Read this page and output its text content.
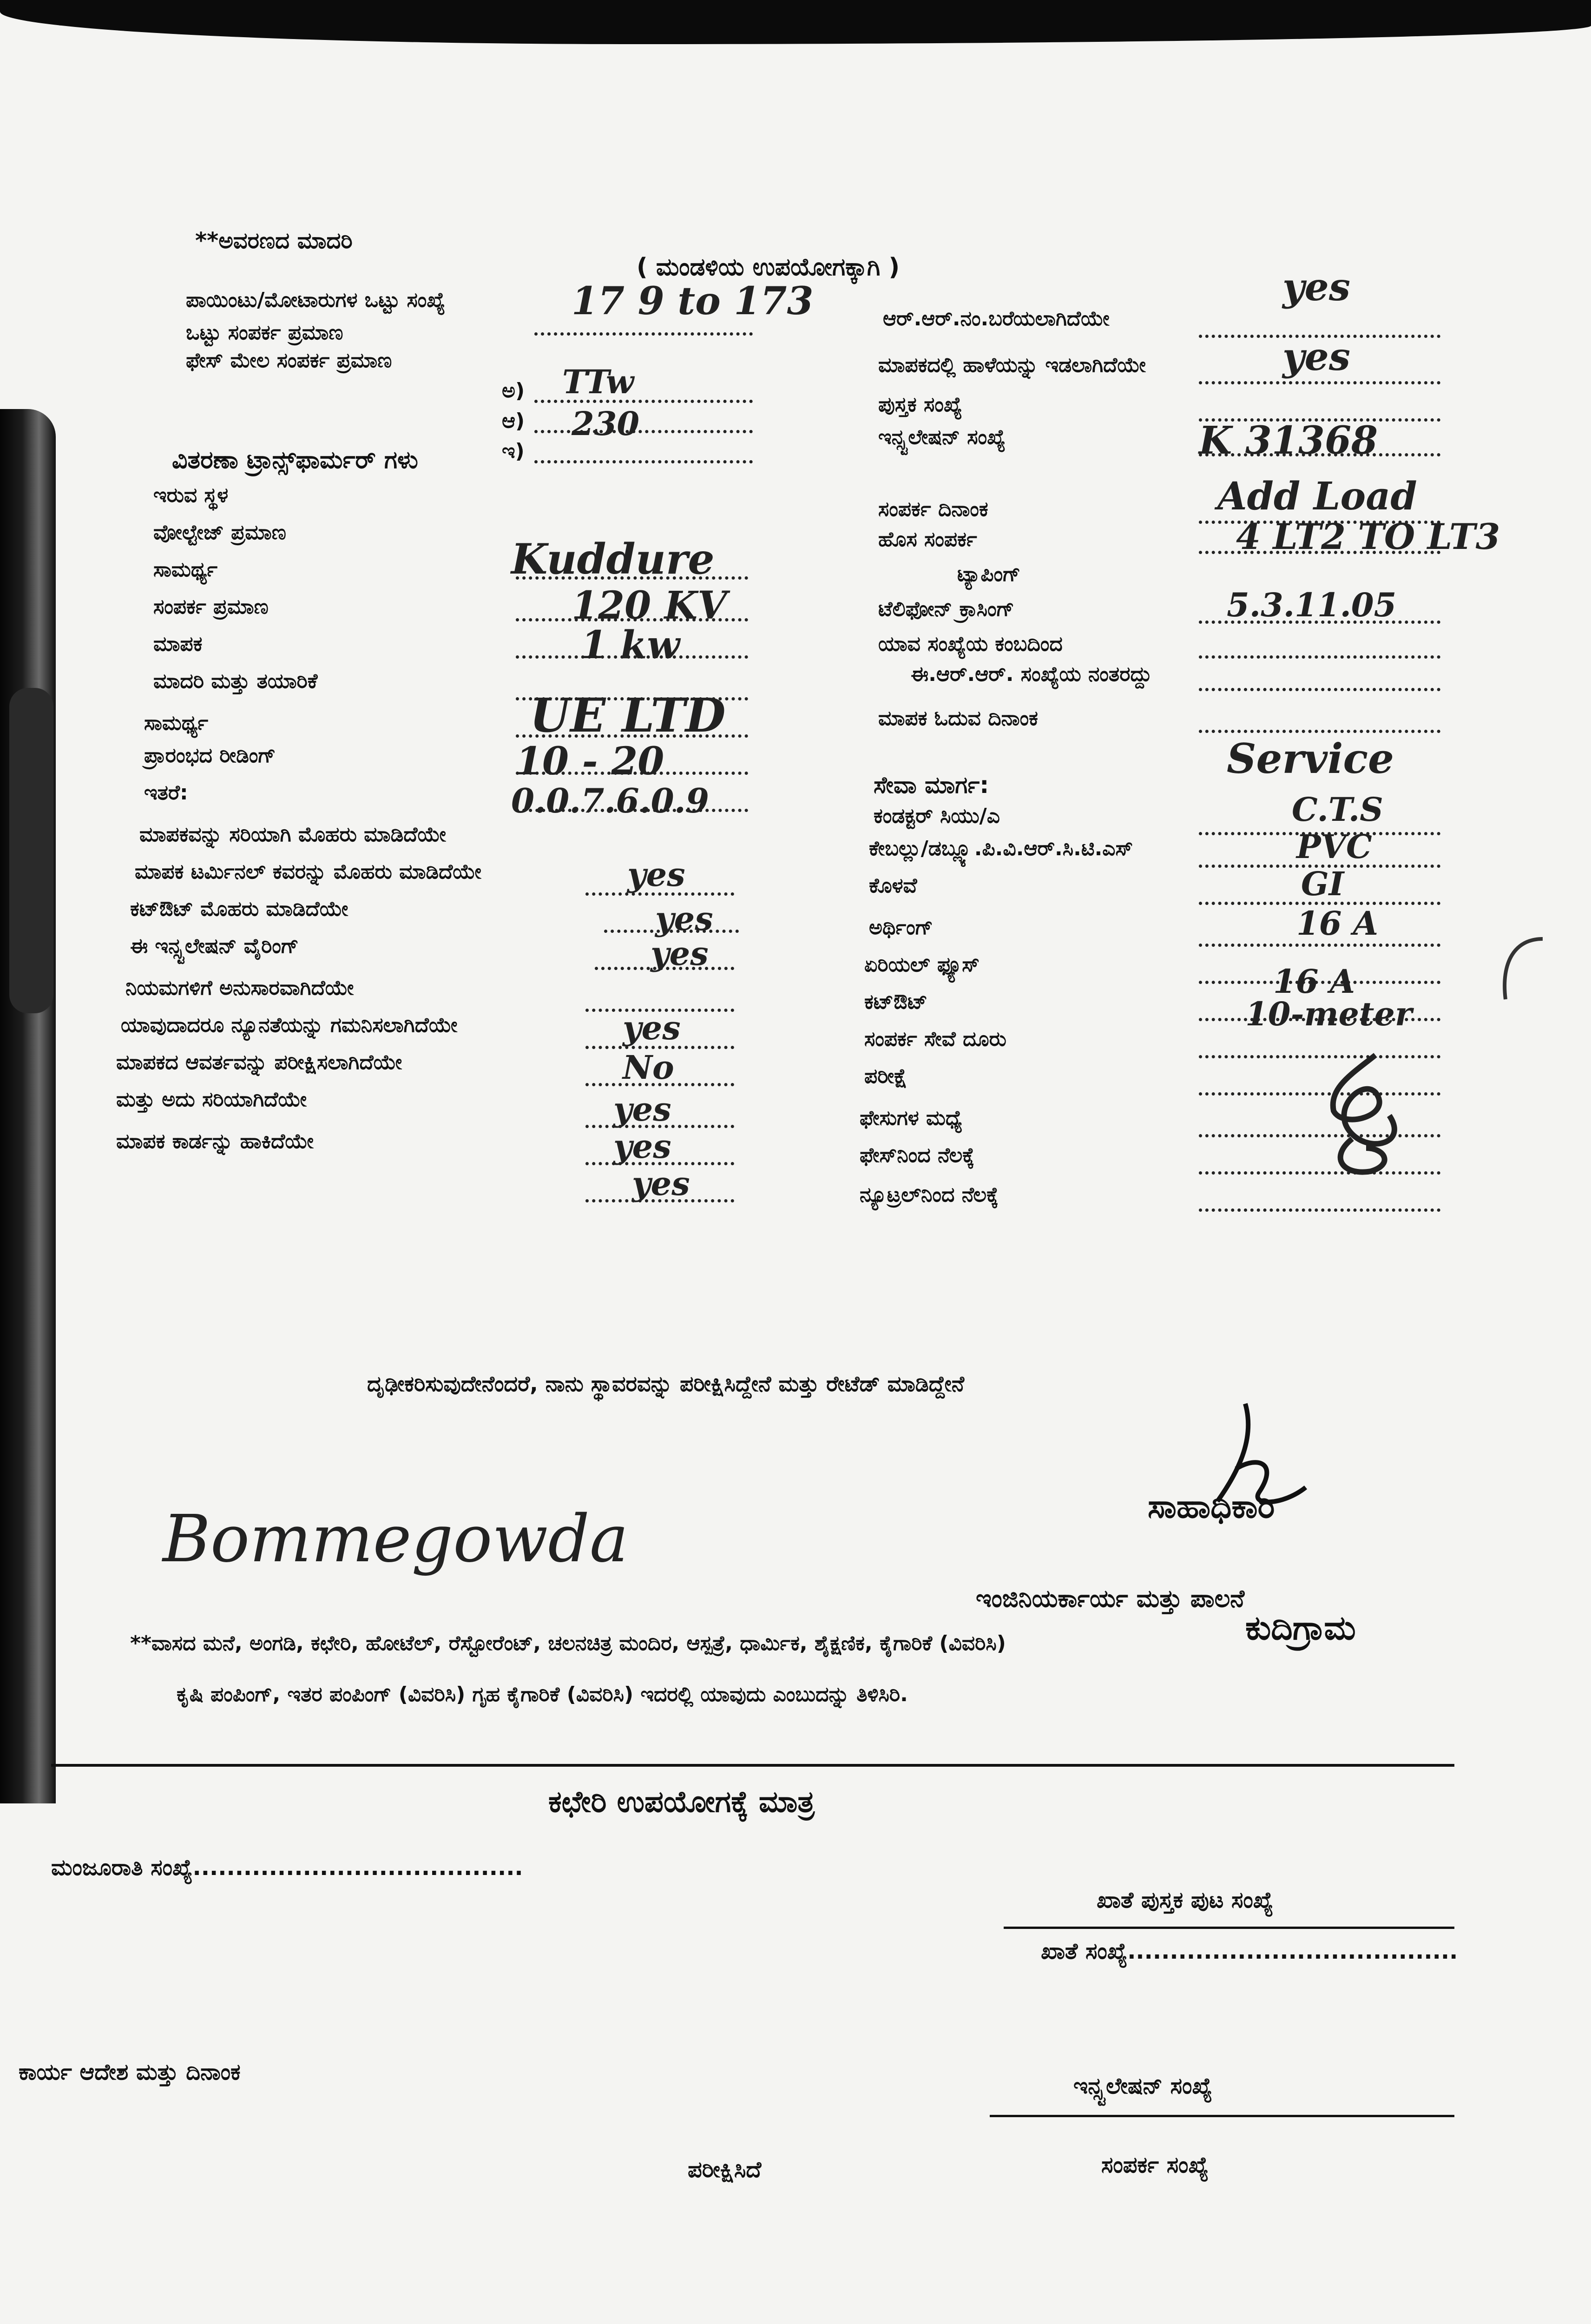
**ಅವರಣದ ಮಾದರಿ
( ಮಂಡಳಿಯ ಉಪಯೋಗಕ್ಕಾಗಿ )
ಪಾಯಿಂಟು/ಮೋಟಾರುಗಳ ಒಟ್ಟು ಸಂಖ್ಯೆ
ಒಟ್ಟು ಸಂಪರ್ಕ ಪ್ರಮಾಣ
ಫೇಸ್ ಮೇಲ ಸಂಪರ್ಕ ಪ್ರಮಾಣ
ಅ)
ಆ)
ಇ)
17 9 to 173
TTw
230
ವಿತರಣಾ ಟ್ರಾನ್ಸ್‌ಫಾರ್ಮರ್ ಗಳು
ಇರುವ ಸ್ಥಳ
ವೋಲ್ಟೇಜ್ ಪ್ರಮಾಣ
ಸಾಮರ್ಥ್ಯ
ಸಂಪರ್ಕ ಪ್ರಮಾಣ
ಮಾಪಕ
ಮಾದರಿ ಮತ್ತು ತಯಾರಿಕೆ
ಸಾಮರ್ಥ್ಯ
ಪ್ರಾರಂಭದ ರೀಡಿಂಗ್
ಇತರೆ:
Kuddure
120 KV
1 kw
UE LTD
10 - 20
0.0.7.6.0.9
ಮಾಪಕವನ್ನು ಸರಿಯಾಗಿ ಮೊಹರು ಮಾಡಿದೆಯೇ
ಮಾಪಕ ಟರ್ಮಿನಲ್ ಕವರನ್ನು ಮೊಹರು ಮಾಡಿದೆಯೇ
ಕಟ್‌ಔಟ್ ಮೊಹರು ಮಾಡಿದೆಯೇ
ಈ ಇನ್ಸ್ಟಲೇಷನ್ ವೈರಿಂಗ್
ನಿಯಮಗಳಿಗೆ ಅನುಸಾರವಾಗಿದೆಯೇ
ಯಾವುದಾದರೂ ನ್ಯೂನತೆಯನ್ನು ಗಮನಿಸಲಾಗಿದೆಯೇ
ಮಾಪಕದ ಆವರ್ತವನ್ನು ಪರೀಕ್ಷಿಸಲಾಗಿದೆಯೇ
ಮತ್ತು ಅದು ಸರಿಯಾಗಿದೆಯೇ
ಮಾಪಕ ಕಾರ್ಡನ್ನು ಹಾಕಿದೆಯೇ
yes
yes
yes
yes
No
yes
yes
yes
ಆರ್.ಆರ್.ನಂ.ಬರೆಯಲಾಗಿದೆಯೇ
ಮಾಪಕದಲ್ಲಿ ಹಾಳೆಯನ್ನು ಇಡಲಾಗಿದೆಯೇ
ಪುಸ್ತಕ ಸಂಖ್ಯೆ
ಇನ್ಸ್ಟಲೇಷನ್ ಸಂಖ್ಯೆ
yes
yes
K 31368
ಸಂಪರ್ಕ ದಿನಾಂಕ
ಹೊಸ ಸಂಪರ್ಕ
ಟ್ಯಾಪಿಂಗ್
ಟೆಲಿಫೋನ್ ಕ್ರಾಸಿಂಗ್
ಯಾವ ಸಂಖ್ಯೆಯ ಕಂಬದಿಂದ
ಈ.ಆರ್.ಆರ್. ಸಂಖ್ಯೆಯ ನಂತರದ್ದು
ಮಾಪಕ ಓದುವ ದಿನಾಂಕ
Add Load
4 LT2 TO LT3
5.3.11.05
ಸೇವಾ ಮಾರ್ಗ:
ಕಂಡಕ್ಟರ್ ಸಿಯು/ಎ
ಕೇಬಲ್ಲು/ಡಬ್ಲ್ಯೂ.ಪಿ.ವಿ.ಆರ್.ಸಿ.ಟಿ.ಎಸ್
ಕೊಳವೆ
ಅರ್ಥಿಂಗ್
ಏರಿಯಲ್ ಫ್ಯೂಸ್
ಕಟ್‌ಔಟ್
ಸಂಪರ್ಕ ಸೇವೆ ದೂರು
ಪರೀಕ್ಷೆ
ಫೇಸುಗಳ ಮಧ್ಯೆ
ಫೇಸ್‌ನಿಂದ ನೆಲಕ್ಕೆ
ನ್ಯೂಟ್ರಲ್‌ನಿಂದ ನೆಲಕ್ಕೆ
Service
C.T.S
PVC
GI
16 A
16 A
10-meter
ದೃಢೀಕರಿಸುವುದೇನೆಂದರೆ, ನಾನು ಸ್ಥಾವರವನ್ನು ಪರೀಕ್ಷಿಸಿದ್ದೇನೆ ಮತ್ತು ರೇಟೆಡ್ ಮಾಡಿದ್ದೇನೆ
ಸಾಹಾಧಿಕಾರಿ
ಇಂಜಿನಿಯರ್ಕಾರ್ಯ ಮತ್ತು ಪಾಲನೆ
ಕುದಿಗ್ರಾಮ
Bommegowda
**ವಾಸದ ಮನೆ, ಅಂಗಡಿ, ಕಛೇರಿ, ಹೋಟೆಲ್, ರೆಸ್ಟೋರೆಂಟ್, ಚಲನಚಿತ್ರ ಮಂದಿರ, ಆಸ್ಪತ್ರೆ, ಧಾರ್ಮಿಕ, ಶೈಕ್ಷಣಿಕ, ಕೈಗಾರಿಕೆ (ವಿವರಿಸಿ)
ಕೃಷಿ ಪಂಪಿಂಗ್, ಇತರ ಪಂಪಿಂಗ್ (ವಿವರಿಸಿ) ಗೃಹ ಕೈಗಾರಿಕೆ (ವಿವರಿಸಿ) ಇದರಲ್ಲಿ ಯಾವುದು ಎಂಬುದನ್ನು ತಿಳಿಸಿರಿ.
ಕಛೇರಿ ಉಪಯೋಗಕ್ಕೆ ಮಾತ್ರ
ಮಂಜೂರಾತಿ ಸಂಖ್ಯೆ.......................................
ಖಾತೆ ಪುಸ್ತಕ ಪುಟ ಸಂಖ್ಯೆ
ಖಾತೆ ಸಂಖ್ಯೆ.......................................
ಕಾರ್ಯ ಆದೇಶ ಮತ್ತು ದಿನಾಂಕ
ಇನ್ಸ್ಟಲೇಷನ್ ಸಂಖ್ಯೆ
ಪರೀಕ್ಷಿಸಿದೆ	ಸಂಪರ್ಕ ಸಂಖ್ಯೆ
